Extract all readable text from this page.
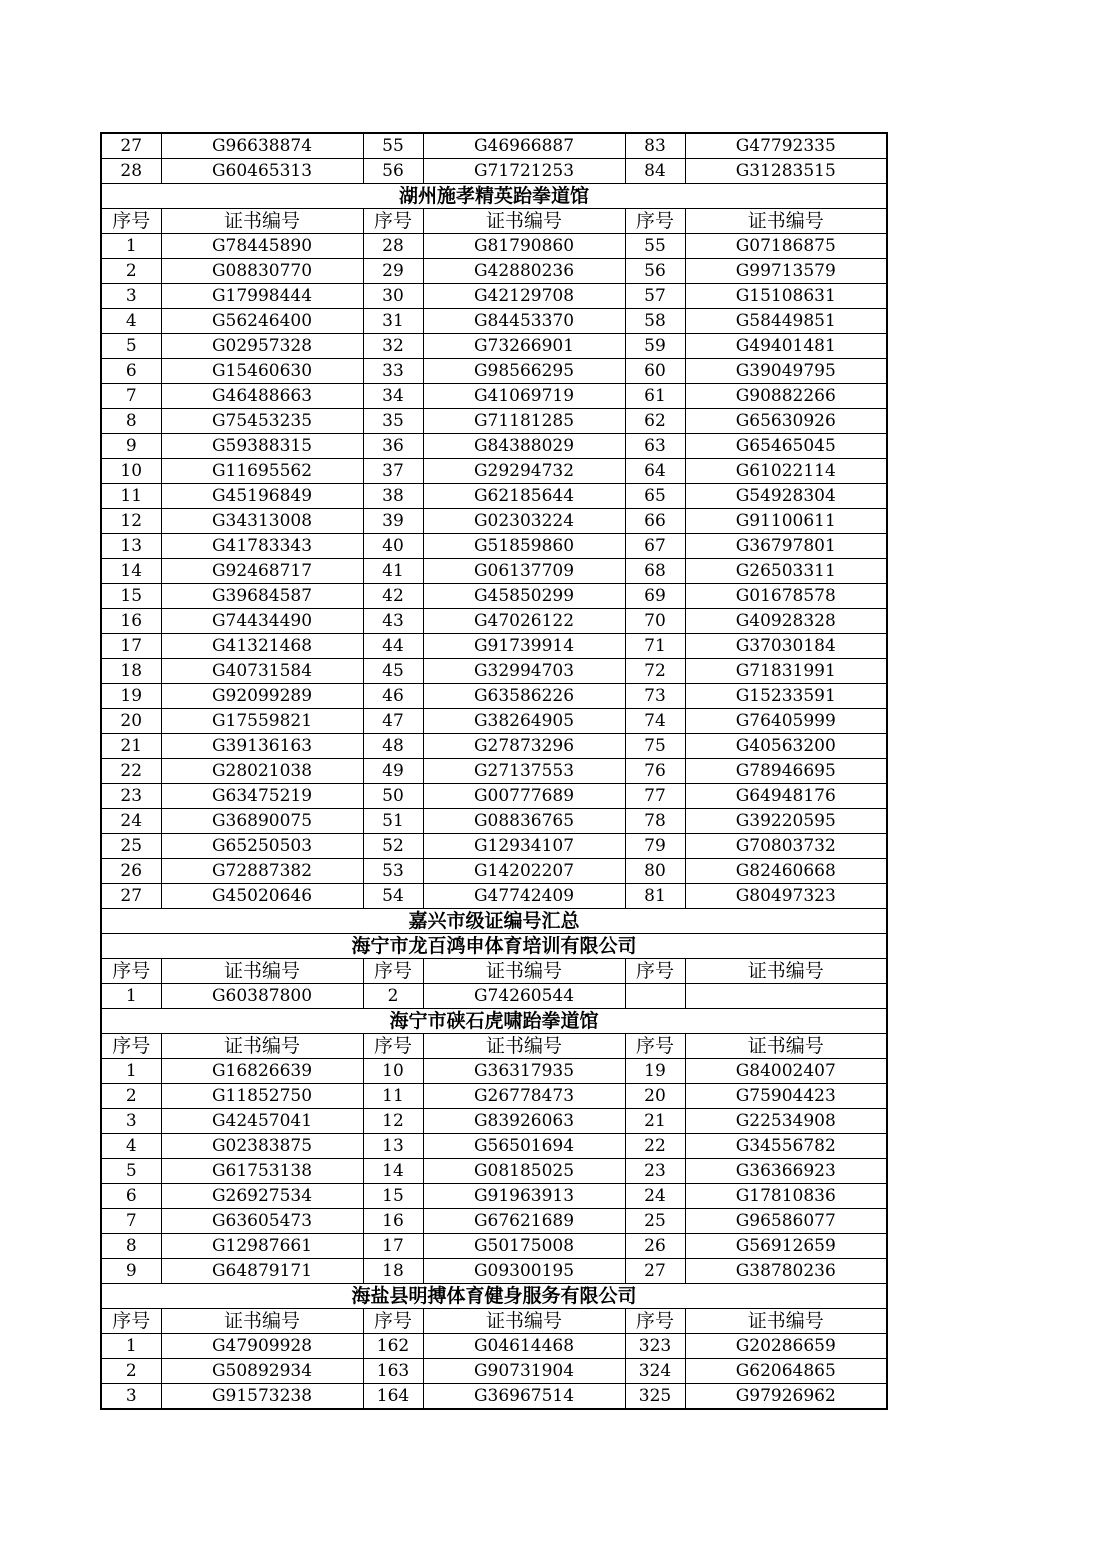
27	G96638874	55	G46966887	83	G47792335
28	G60465313	56	G71721253	84	G31283515
湖州施孝精英跆拳道馆					
序号	证书编号	序号	证书编号	序号	证书编号
1	G78445890	28	G81790860	55	G07186875
2	G08830770	29	G42880236	56	G99713579
3	G17998444	30	G42129708	57	G15108631
4	G56246400	31	G84453370	58	G58449851
5	G02957328	32	G73266901	59	G49401481
6	G15460630	33	G98566295	60	G39049795
7	G46488663	34	G41069719	61	G90882266
8	G75453235	35	G71181285	62	G65630926
9	G59388315	36	G84388029	63	G65465045
10	G11695562	37	G29294732	64	G61022114
11	G45196849	38	G62185644	65	G54928304
12	G34313008	39	G02303224	66	G91100611
13	G41783343	40	G51859860	67	G36797801
14	G92468717	41	G06137709	68	G26503311
15	G39684587	42	G45850299	69	G01678578
16	G74434490	43	G47026122	70	G40928328
17	G41321468	44	G91739914	71	G37030184
18	G40731584	45	G32994703	72	G71831991
19	G92099289	46	G63586226	73	G15233591
20	G17559821	47	G38264905	74	G76405999
21	G39136163	48	G27873296	75	G40563200
22	G28021038	49	G27137553	76	G78946695
23	G63475219	50	G00777689	77	G64948176
24	G36890075	51	G08836765	78	G39220595
25	G65250503	52	G12934107	79	G70803732
26	G72887382	53	G14202207	80	G82460668
27	G45020646	54	G47742409	81	G80497323
嘉兴市级证编号汇总					
海宁市龙百鸿申体育培训有限公司					
序号	证书编号	序号	证书编号	序号	证书编号
1	G60387800	2	G74260544		
海宁市硖石虎啸跆拳道馆					
序号	证书编号	序号	证书编号	序号	证书编号
1	G16826639	10	G36317935	19	G84002407
2	G11852750	11	G26778473	20	G75904423
3	G42457041	12	G83926063	21	G22534908
4	G02383875	13	G56501694	22	G34556782
5	G61753138	14	G08185025	23	G36366923
6	G26927534	15	G91963913	24	G17810836
7	G63605473	16	G67621689	25	G96586077
8	G12987661	17	G50175008	26	G56912659
9	G64879171	18	G09300195	27	G38780236
海盐县明搏体育健身服务有限公司					
序号	证书编号	序号	证书编号	序号	证书编号
1	G47909928	162	G04614468	323	G20286659
2	G50892934	163	G90731904	324	G62064865
3	G91573238	164	G36967514	325	G97926962
